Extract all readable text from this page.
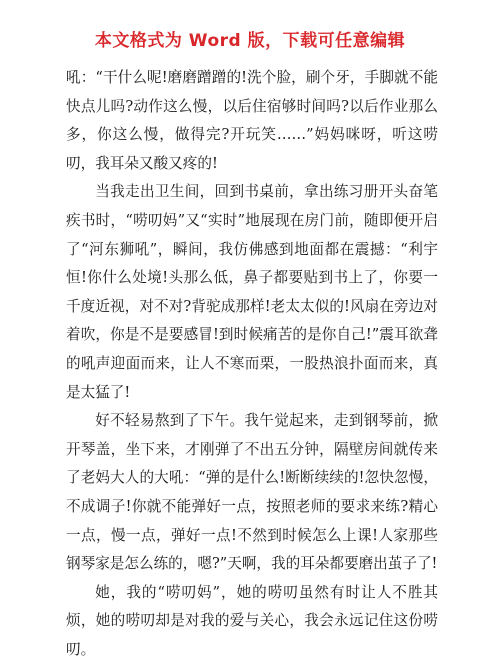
本文格式为 Word 版，下载可任意编辑

吼：“干什么呢!磨磨蹭蹭的!洗个脸，刷个牙，手脚就不能快点儿吗?动作这么慢，以后住宿够时间吗?以后作业那么多，你这么慢，做得完?开玩笑……”妈妈咪呀，听这唠叨，我耳朵又酸又疼的!

当我走出卫生间，回到书桌前，拿出练习册开头奋笔疾书时，“唠叨妈”又“实时”地展现在房门前，随即便开启了“河东狮吼”，瞬间，我仿佛感到地面都在震撼：“利宇恒!你什么处境!头那么低，鼻子都要贴到书上了，你要一千度近视，对不对?背驼成那样!老太太似的!风扇在旁边对着吹，你是不是要感冒!到时候痛苦的是你自己!”震耳欲聋的吼声迎面而来，让人不寒而栗，一股热浪扑面而来，真是太猛了!

好不轻易熬到了下午。我午觉起来，走到钢琴前，掀开琴盖，坐下来，才刚弹了不出五分钟，隔壁房间就传来了老妈大人的大吼：“弹的是什么!断断续续的!忽快忽慢，不成调子!你就不能弹好一点，按照老师的要求来练?精心一点，慢一点，弹好一点!不然到时候怎么上课!人家那些钢琴家是怎么练的，嗯?”天啊，我的耳朵都要磨出茧子了!

她，我的“唠叨妈”，她的唠叨虽然有时让人不胜其烦，她的唠叨却是对我的爱与关心，我会永远记住这份唠叨。
